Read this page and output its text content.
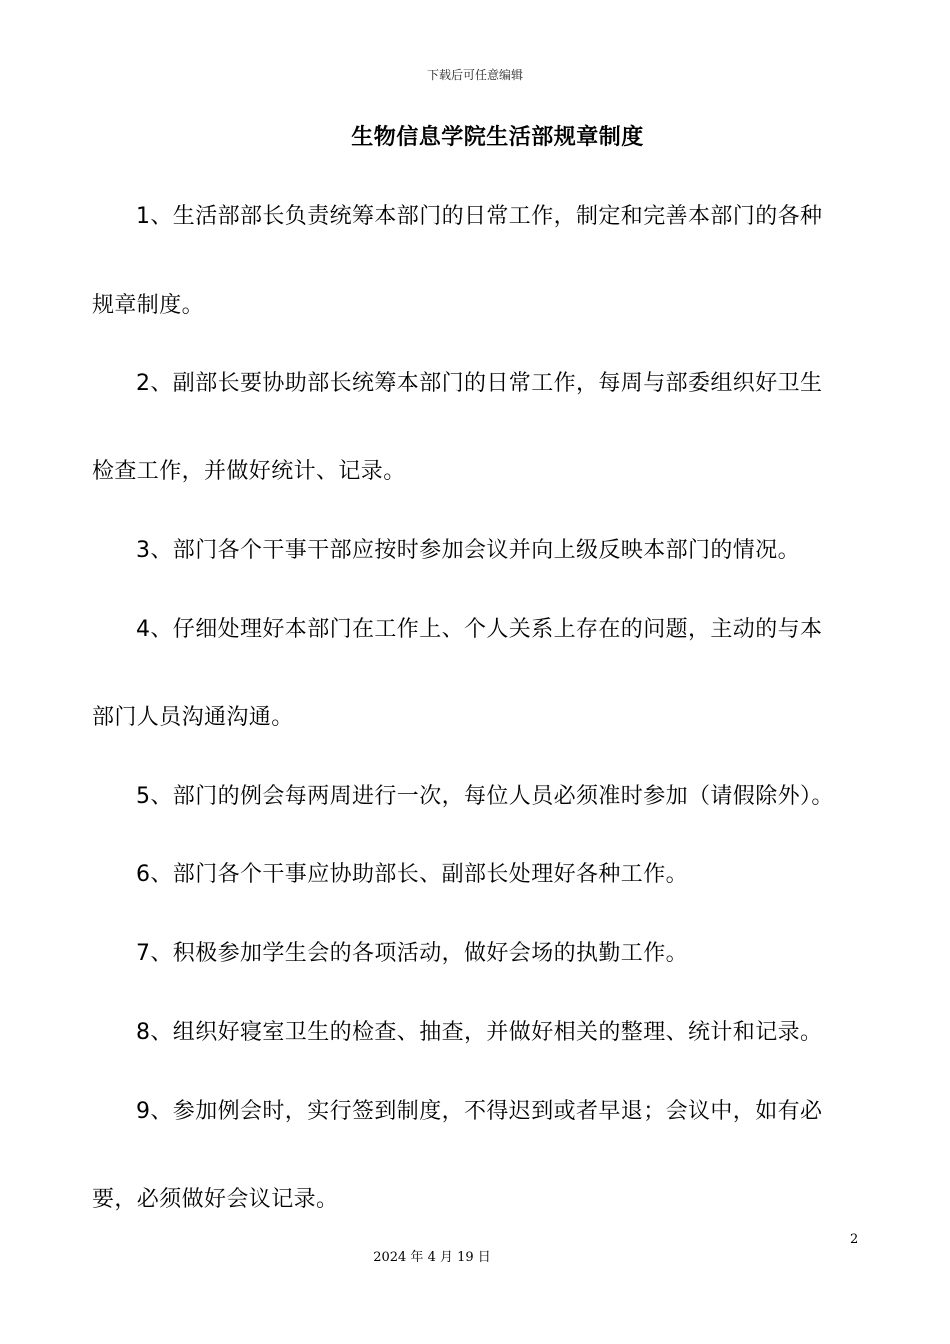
下载后可任意编辑
生物信息学院生活部规章制度
1、生活部部长负责统筹本部门的日常工作，制定和完善本部门的各种
规章制度。
2、副部长要协助部长统筹本部门的日常工作，每周与部委组织好卫生
检查工作，并做好统计、记录。
3、部门各个干事干部应按时参加会议并向上级反映本部门的情况。
4、仔细处理好本部门在工作上、个人关系上存在的问题，主动的与本
部门人员沟通沟通。
5、部门的例会每两周进行一次，每位人员必须准时参加（请假除外）。
6、部门各个干事应协助部长、副部长处理好各种工作。
7、积极参加学生会的各项活动，做好会场的执勤工作。
8、组织好寝室卫生的检查、抽查，并做好相关的整理、统计和记录。
9、参加例会时，实行签到制度，不得迟到或者早退；会议中，如有必
要，必须做好会议记录。
2
2024 年 4 月 19 日
